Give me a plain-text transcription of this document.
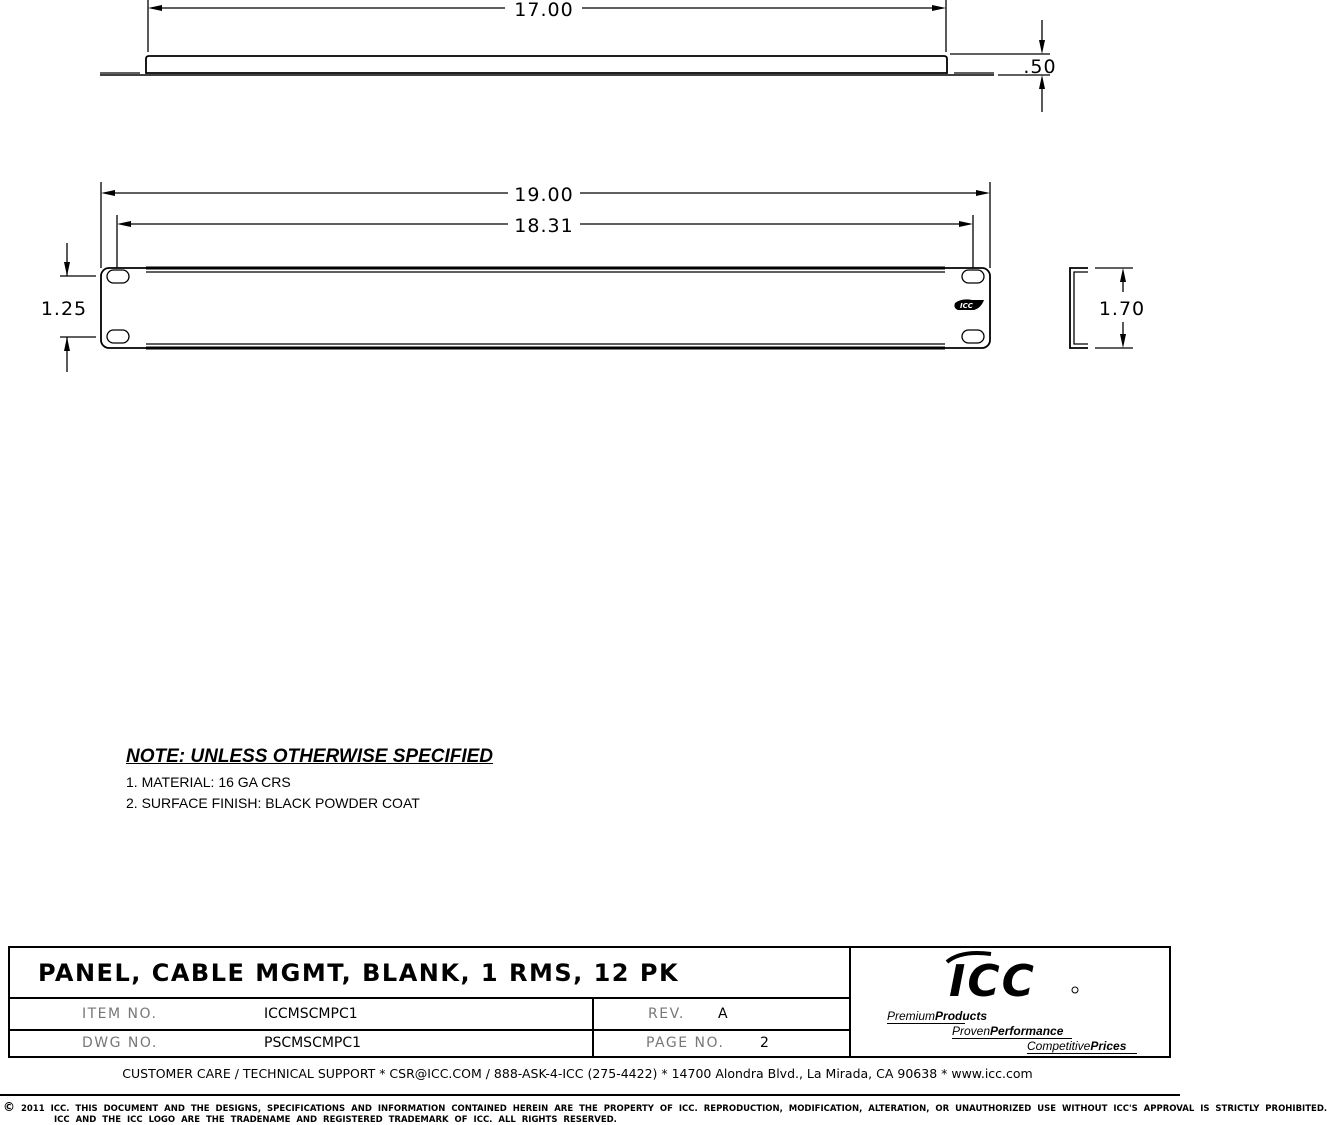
17.00
.50
19.00
18.31
1.25	ICC	1.70
NOTE: UNLESS OTHERWISE SPECIFIED
1. MATERIAL: 16 GA CRS
2. SURFACE FINISH: BLACK POWDER COAT
PANEL, CABLE MGMT, BLANK, 1 RMS, 12 PK
ITEM NO.	ICCMSCMPC1	REV. A
DWG NO.	PSCMSCMPC1	PAGE NO.	2
ICC
PremiumProducts
ProvenPerformance
CompetitivePrices
CUSTOMER CARE / TECHNICAL SUPPORT * CSR@ICC.COM / 888-ASK-4-ICC (275-4422) * 14700 Alondra Blvd., La Mirada, CA 90638 * www.icc.com
© 2011 ICC. THIS DOCUMENT AND THE DESIGNS, SPECIFICATIONS AND INFORMATION CONTAINED HEREIN ARE THE PROPERTY OF ICC. REPRODUCTION, MODIFICATION, ALTERATION, OR UNAUTHORIZED USE WITHOUT ICC'S APPROVAL IS STRICTLY PROHIBITED.
ICC AND THE ICC LOGO ARE THE TRADENAME AND REGISTERED TRADEMARK OF ICC. ALL RIGHTS RESERVED.
